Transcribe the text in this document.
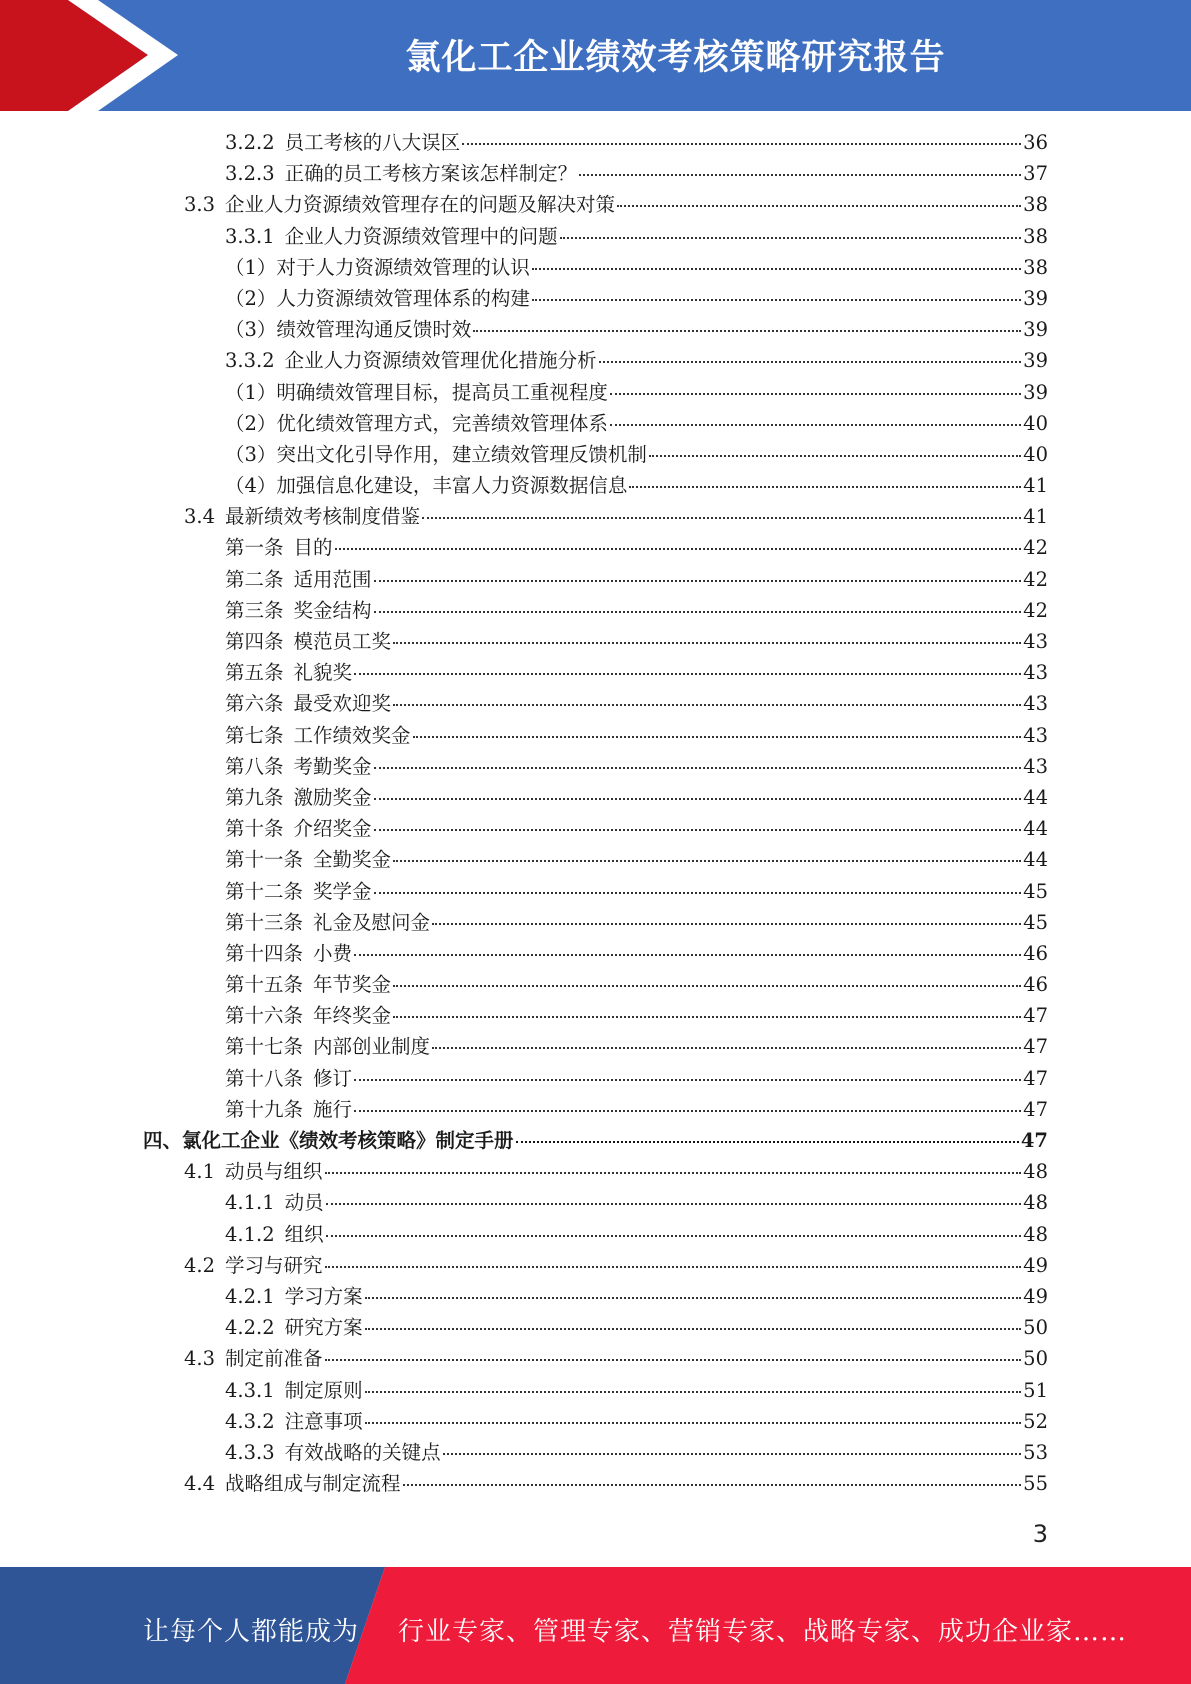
氯化工企业绩效考核策略研究报告
3.2.2 员工考核的八大误区	36
3.2.3 正确的员工考核方案该怎样制定？	37
3.3 企业人力资源绩效管理存在的问题及解决对策	38
3.3.1 企业人力资源绩效管理中的问题	38
（1） 对于人力资源绩效管理的认识	38
（2） 人力资源绩效管理体系的构建	39
（3） 绩效管理沟通反馈时效	39
3.3.2 企业人力资源绩效管理优化措施分析	39
（1） 明确绩效管理目标，提高员工重视程度	39
（2） 优化绩效管理方式，完善绩效管理体系	40
（3） 突出文化引导作用，建立绩效管理反馈机制	40
（4） 加强信息化建设，丰富人力资源数据信息	41
3.4 最新绩效考核制度借鉴	41
第一条 目的	42
第二条 适用范围	42
第三条 奖金结构	42
第四条 模范员工奖	43
第五条 礼貌奖	43
第六条 最受欢迎奖	43
第七条 工作绩效奖金	43
第八条 考勤奖金	43
第九条 激励奖金	44
第十条 介绍奖金	44
第十一条 全勤奖金	44
第十二条 奖学金	45
第十三条 礼金及慰问金	45
第十四条 小费	46
第十五条 年节奖金	46
第十六条 年终奖金	47
第十七条 内部创业制度	47
第十八条 修订	47
第十九条 施行	47
四、 氯化工企业《绩效考核策略》制定手册	47
4.1 动员与组织	48
4.1.1 动员	48
4.1.2 组织	48
4.2 学习与研究	49
4.2.1 学习方案	49
4.2.2 研究方案	50
4.3 制定前准备	50
4.3.1 制定原则	51
4.3.2 注意事项	52
4.3.3 有效战略的关键点	53
4.4 战略组成与制定流程	55
3
让每个人都能成为 行业专家、管理专家、营销专家、战略专家、成功企业家……
